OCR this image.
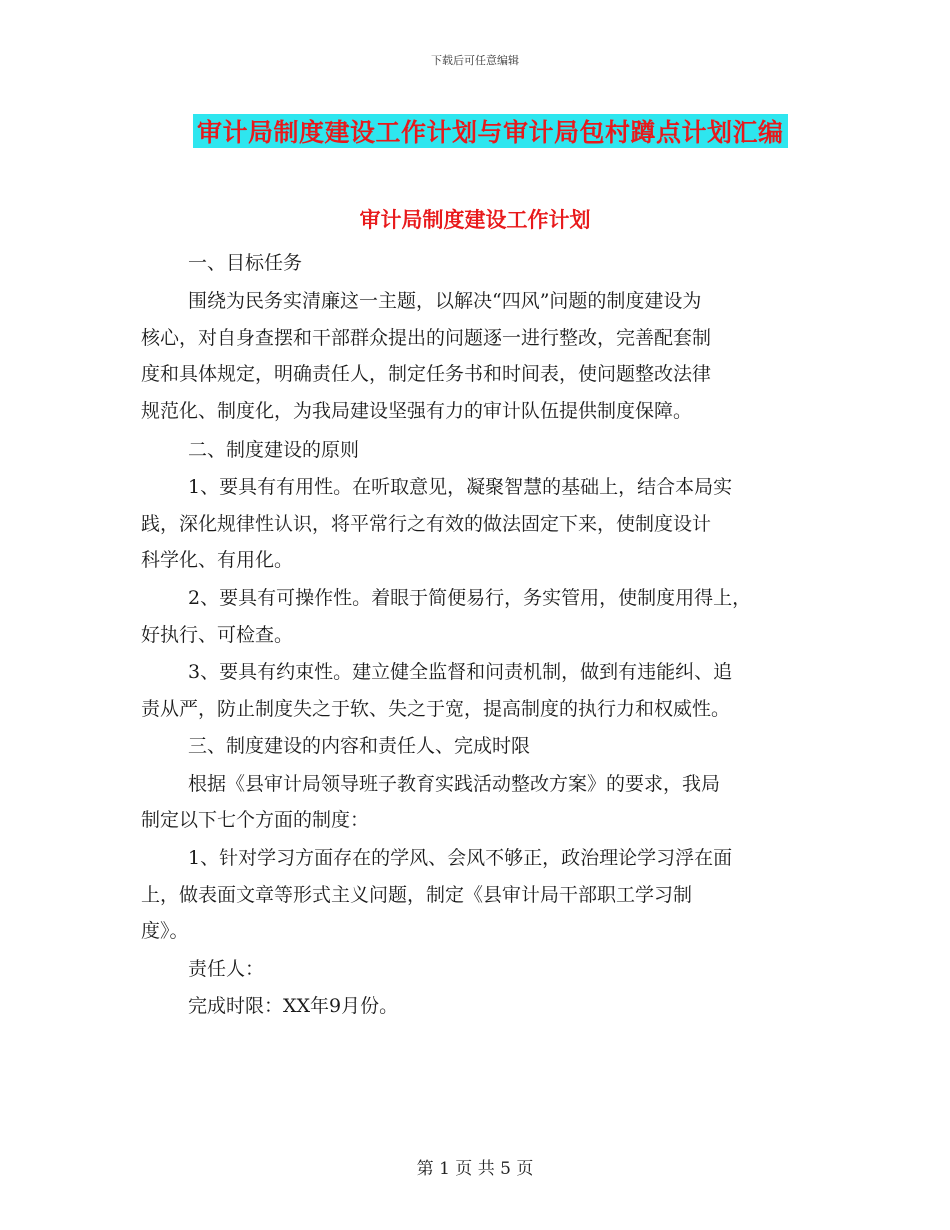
下载后可任意编辑
审计局制度建设工作计划与审计局包村蹲点计划汇编
审计局制度建设工作计划
一、目标任务
围绕为民务实清廉这一主题，以解决“四风”问题的制度建设为
核心，对自身查摆和干部群众提出的问题逐一进行整改，完善配套制
度和具体规定，明确责任人，制定任务书和时间表，使问题整改法律
规范化、制度化，为我局建设坚强有力的审计队伍提供制度保障。
二、制度建设的原则
1、要具有有用性。在听取意见，凝聚智慧的基础上，结合本局实
践，深化规律性认识，将平常行之有效的做法固定下来，使制度设计
科学化、有用化。
2、要具有可操作性。着眼于简便易行，务实管用，使制度用得上，
好执行、可检查。
3、要具有约束性。建立健全监督和问责机制，做到有违能纠、追
责从严，防止制度失之于软、失之于宽，提高制度的执行力和权威性。
三、制度建设的内容和责任人、完成时限
根据《县审计局领导班子教育实践活动整改方案》的要求，我局
制定以下七个方面的制度：
1、针对学习方面存在的学风、会风不够正，政治理论学习浮在面
上，做表面文章等形式主义问题，制定《县审计局干部职工学习制
度》。
责任人：
完成时限：XX年9月份。
第 1 页 共 5 页
